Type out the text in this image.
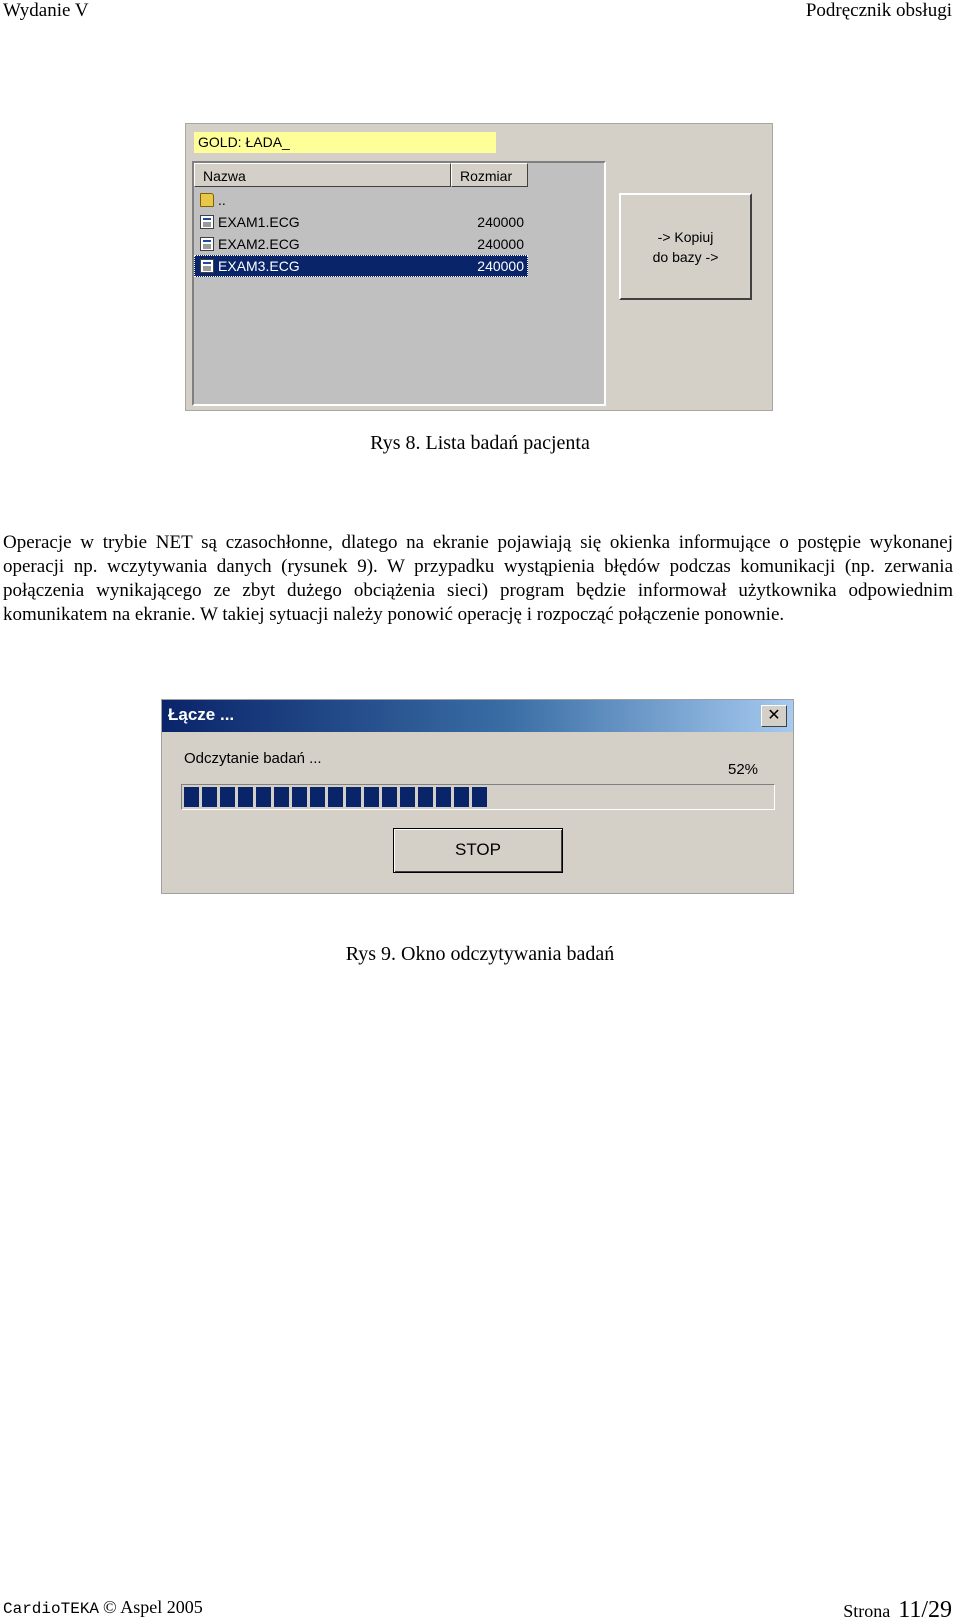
Wydanie V	Podręcznik obsługi
GOLD: ŁADA_
Nazwa	Rozmiar
..
EXAM1.ECG	240000
EXAM2.ECG	240000
EXAM3.ECG	240000
-> Kopiuj
do bazy ->
Rys 8. Lista badań pacjenta
Operacje w trybie NET są czasochłonne, dlatego na ekranie pojawiają się okienka informujące o postępie wykonanej operacji np. wczytywania danych (rysunek 9). W przypadku wystąpienia błędów podczas komunikacji (np. zerwania połączenia wynikającego ze zbyt dużego obciążenia sieci) program będzie informował użytkownika odpowiednim komunikatem na ekranie. W takiej sytuacji należy ponowić operację i rozpocząć połączenie ponownie.
Łącze ...	✕
Odczytanie badań ...
52%
STOP
Rys 9. Okno odczytywania badań
CardioTEKA © Aspel 2005	Strona 11/29
